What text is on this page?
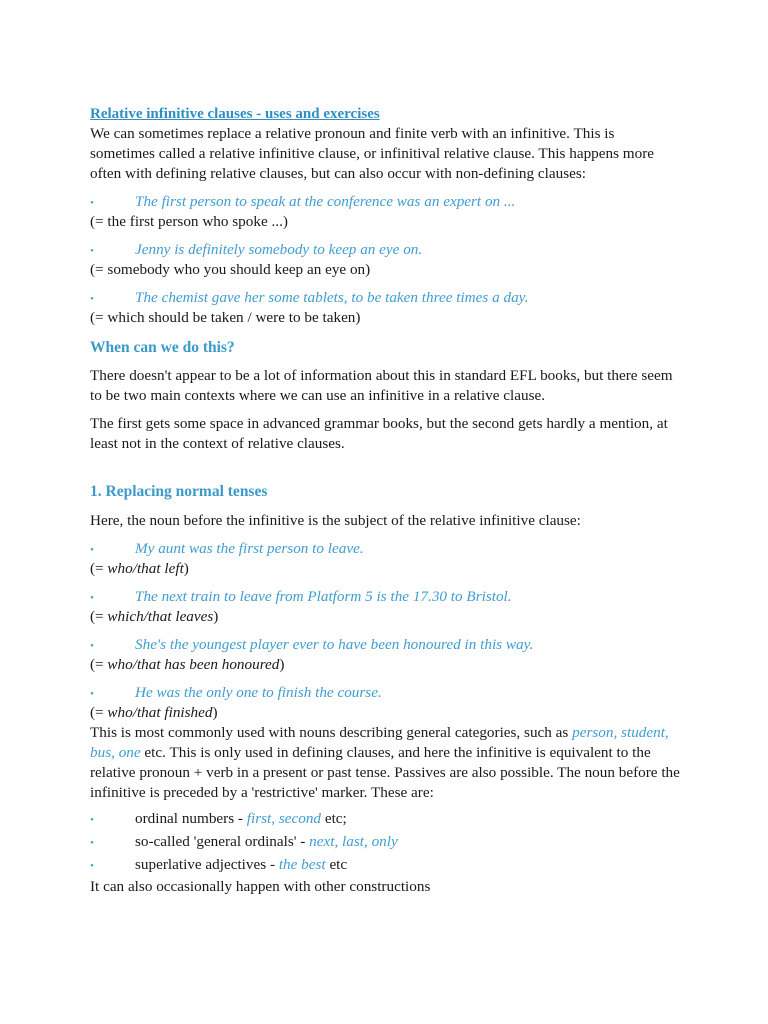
Relative infinitive clauses - uses and exercises

We can sometimes replace a relative pronoun and finite verb with an infinitive. This is sometimes called a relative infinitive clause, or infinitival relative clause. This happens more often with defining relative clauses, but can also occur with non-defining clauses:

• The first person to speak at the conference was an expert on ...

(= the first person who spoke ...)

• Jenny is definitely somebody to keep an eye on.

(= somebody who you should keep an eye on)

• The chemist gave her some tablets, to be taken three times a day.

(= which should be taken / were to be taken)

When can we do this?

There doesn't appear to be a lot of information about this in standard EFL books, but there seem to be two main contexts where we can use an infinitive in a relative clause.

The first gets some space in advanced grammar books, but the second gets hardly a mention, at least not in the context of relative clauses.

1. Replacing normal tenses

Here, the noun before the infinitive is the subject of the relative infinitive clause:

• My aunt was the first person to leave.

(= who/that left)

• The next train to leave from Platform 5 is the 17.30 to Bristol.

(= which/that leaves)

• She's the youngest player ever to have been honoured in this way.

(= who/that has been honoured)

• He was the only one to finish the course.

(= who/that finished)

This is most commonly used with nouns describing general categories, such as person, student, bus, one etc. This is only used in defining clauses, and here the infinitive is equivalent to the relative pronoun + verb in a present or past tense. Passives are also possible. The noun before the infinitive is preceded by a 'restrictive' marker. These are:

• ordinal numbers - first, second etc;
• so-called 'general ordinals' - next, last, only
• superlative adjectives - the best etc

It can also occasionally happen with other constructions
